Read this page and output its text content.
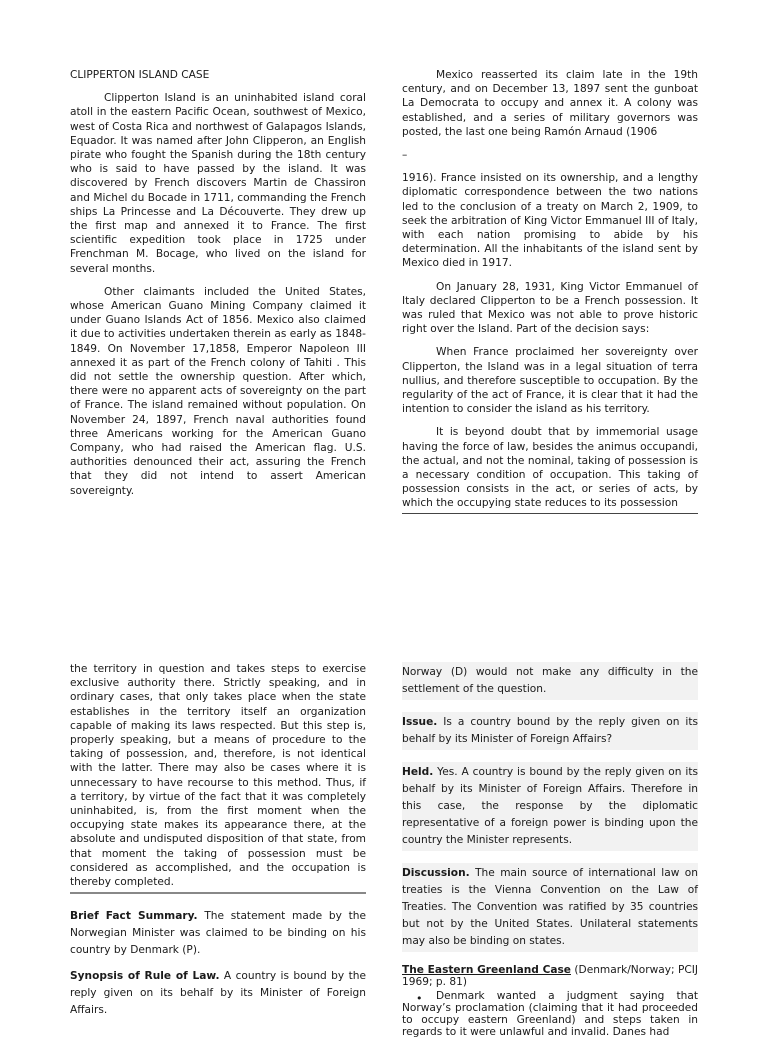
CLIPPERTON ISLAND CASE

Clipperton Island is an uninhabited island coral atoll in the eastern Pacific Ocean, southwest of Mexico, west of Costa Rica and northwest of Galapagos Islands, Equador. It was named after John Clipperon, an English pirate who fought the Spanish during the 18th century who is said to have passed by the island. It was discovered by French discovers Martin de Chassiron and Michel du Bocade in 1711, commanding the French ships La Princesse and La Découverte. They drew up the first map and annexed it to France. The first scientific expedition took place in 1725 under Frenchman M. Bocage, who lived on the island for several months.

Other claimants included the United States, whose American Guano Mining Company claimed it under Guano Islands Act of 1856. Mexico also claimed it due to activities undertaken therein as early as 1848-1849. On November 17,1858, Emperor Napoleon III annexed it as part of the French colony of Tahiti . This did not settle the ownership question. After which, there were no apparent acts of sovereignty on the part of France. The island remained without population. On November 24, 1897, French naval authorities found three Americans working for the American Guano Company, who had raised the American flag. U.S. authorities denounced their act, assuring the French that they did not intend to assert American sovereignty.

Mexico reasserted its claim late in the 19th century, and on December 13, 1897 sent the gunboat La Democrata to occupy and annex it. A colony was established, and a series of military governors was posted, the last one being Ramón Arnaud (1906

–

1916). France insisted on its ownership, and a lengthy diplomatic correspondence between the two nations led to the conclusion of a treaty on March 2, 1909, to seek the arbitration of King Victor Emmanuel III of Italy, with each nation promising to abide by his determination. All the inhabitants of the island sent by Mexico died in 1917.

On January 28, 1931, King Victor Emmanuel of Italy declared Clipperton to be a French possession. It was ruled that Mexico was not able to prove historic right over the Island. Part of the decision says:

When France proclaimed her sovereignty over Clipperton, the Island was in a legal situation of terra nullius, and therefore susceptible to occupation. By the regularity of the act of France, it is clear that it had the intention to consider the island as his territory.

It is beyond doubt that by immemorial usage having the force of law, besides the animus occupandi, the actual, and not the nominal, taking of possession is a necessary condition of occupation. This taking of possession consists in the act, or series of acts, by which the occupying state reduces to its possession

the territory in question and takes steps to exercise exclusive authority there. Strictly speaking, and in ordinary cases, that only takes place when the state establishes in the territory itself an organization capable of making its laws respected. But this step is, properly speaking, but a means of procedure to the taking of possession, and, therefore, is not identical with the latter. There may also be cases where it is unnecessary to have recourse to this method. Thus, if a territory, by virtue of the fact that it was completely uninhabited, is, from the first moment when the occupying state makes its appearance there, at the absolute and undisputed disposition of that state, from that moment the taking of possession must be considered as accomplished, and the occupation is thereby completed.

Brief Fact Summary. The statement made by the Norwegian Minister was claimed to be binding on his country by Denmark (P).

Synopsis of Rule of Law. A country is bound by the reply given on its behalf by its Minister of Foreign Affairs.

Norway (D) would not make any difficulty in the settlement of the question.

Issue. Is a country bound by the reply given on its behalf by its Minister of Foreign Affairs?

Held. Yes. A country is bound by the reply given on its behalf by its Minister of Foreign Affairs. Therefore in this case, the response by the diplomatic representative of a foreign power is binding upon the country the Minister represents.

Discussion. The main source of international law on treaties is the Vienna Convention on the Law of Treaties. The Convention was ratified by 35 countries but not by the United States. Unilateral statements may also be binding on states.

The Eastern Greenland Case (Denmark/Norway; PCIJ 1969; p. 81)

• Denmark wanted a judgment saying that Norway’s proclamation (claiming that it had proceeded to occupy eastern Greenland) and steps taken in regards to it were unlawful and invalid. Danes had
